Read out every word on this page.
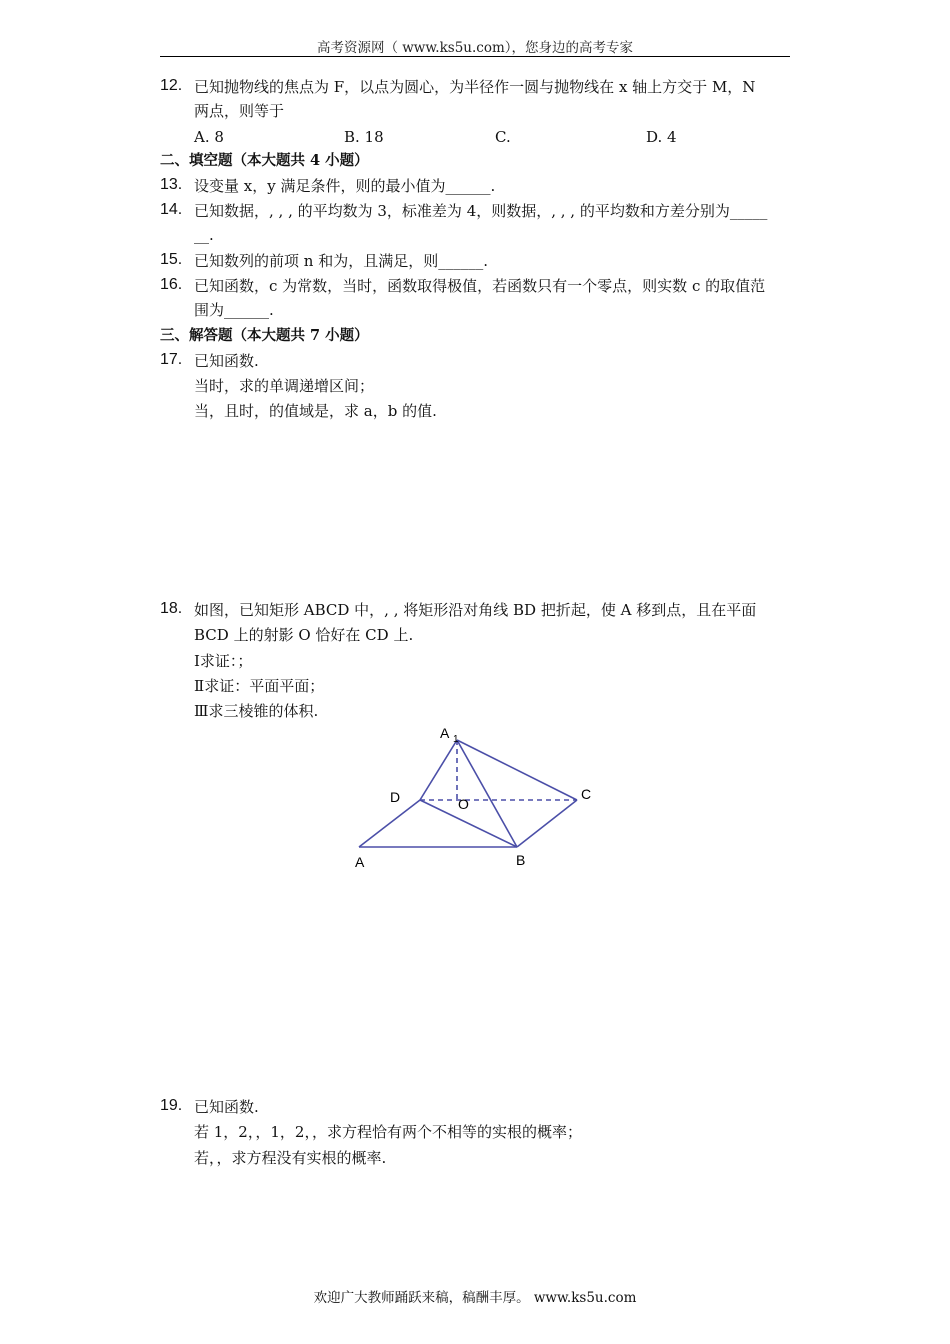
高考资源网（ www.ks5u.com），您身边的高考专家
12. 已知抛物线的焦点为 F，以点为圆心，为半径作一圆与抛物线在 x 轴上方交于 M，N
两点，则等于
A. 8	B. 18	C.	D. 4
二、填空题（本大题共 4 小题）
13. 设变量 x，y 满足条件，则的最小值为______.
14. 已知数据，, , , 的平均数为 3，标准差为 4，则数据，, , , 的平均数和方差分别为_____
__.
15. 已知数列的前项 n 和为，且满足，则______.
16. 已知函数，c 为常数，当时，函数取得极值，若函数只有一个零点，则实数 c 的取值范
围为______.
三、解答题（本大题共 7 小题）
17. 已知函数.
当时，求的单调递增区间；
当，且时，的值域是，求 a，b 的值.
18. 如图，已知矩形 ABCD 中，, , 将矩形沿对角线 BD 把折起，使 A 移到点，且在平面
BCD 上的射影 O 恰好在 CD 上.
Ⅰ求证：；
Ⅱ求证：平面平面；
Ⅲ求三棱锥的体积.
A 1
D	O
C
A	B
19. 已知函数.
若 1，2，，1，2，，求方程恰有两个不相等的实根的概率；
若，，求方程没有实根的概率.
欢迎广大教师踊跃来稿，稿酬丰厚。 www.ks5u.com
